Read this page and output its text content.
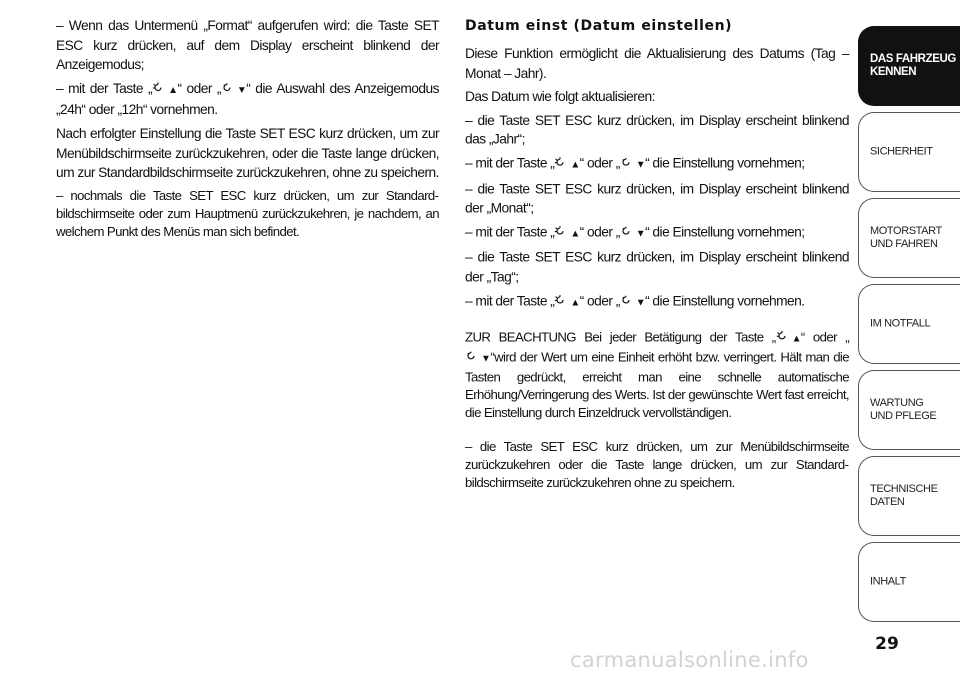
– Wenn das Untermenü „Format“ aufgerufen wird: die Taste SET ESC kurz drücken, auf dem Display erscheint blinkend der Anzeigemodus;

– mit der Taste „ ▲“ oder „ ▼“ die Auswahl des Anzeigemodus „24h“ oder „12h“ vornehmen.

Nach erfolgter Einstellung die Taste SET ESC kurz drücken, um zur Menübildschirmseite zurückzukehren, oder die Taste lange drücken, um zur Standardbildschirmseite zurückzukehren, ohne zu speichern.

– nochmals die Taste SET ESC kurz drücken, um zur Standardbildschirmseite oder zum Hauptmenü zurückzukehren, je nachdem, an welchem Punkt des Menüs man sich befindet.

Datum einst (Datum einstellen)

Diese Funktion ermöglicht die Aktualisierung des Datums (Tag – Monat – Jahr).

Das Datum wie folgt aktualisieren:

– die Taste SET ESC kurz drücken, im Display erscheint blinkend das „Jahr“;

– mit der Taste „ ▲“ oder „ ▼“ die Einstellung vornehmen;

– die Taste SET ESC kurz drücken, im Display erscheint blinkend der „Monat“;

– mit der Taste „ ▲“ oder „ ▼“ die Einstellung vornehmen;

– die Taste SET ESC kurz drücken, im Display erscheint blinkend der „Tag“;

– mit der Taste „ ▲“ oder „ ▼“ die Einstellung vornehmen.

ZUR BEACHTUNG Bei jeder Betätigung der Taste „ ▲“ oder „▼“wird der Wert um eine Einheit erhöht bzw. verringert. Hält man die Tasten gedrückt, erreicht man eine schnelle automatische Erhöhung/Verringerung des Werts. Ist der gewünschte Wert fast erreicht, die Einstellung durch Einzeldruck vervollständigen.

– die Taste SET ESC kurz drücken, um zur Menübildschirmseite zurückzukehren oder die Taste lange drücken, um zur Standardbildschirmseite zurückzukehren ohne zu speichern.

DAS FAHRZEUG
KENNEN
SICHERHEIT
MOTORSTART
UND FAHREN
IM NOTFALL
WARTUNG
UND PFLEGE
TECHNISCHE
DATEN
INHALT
29
carmanualsonline.info
